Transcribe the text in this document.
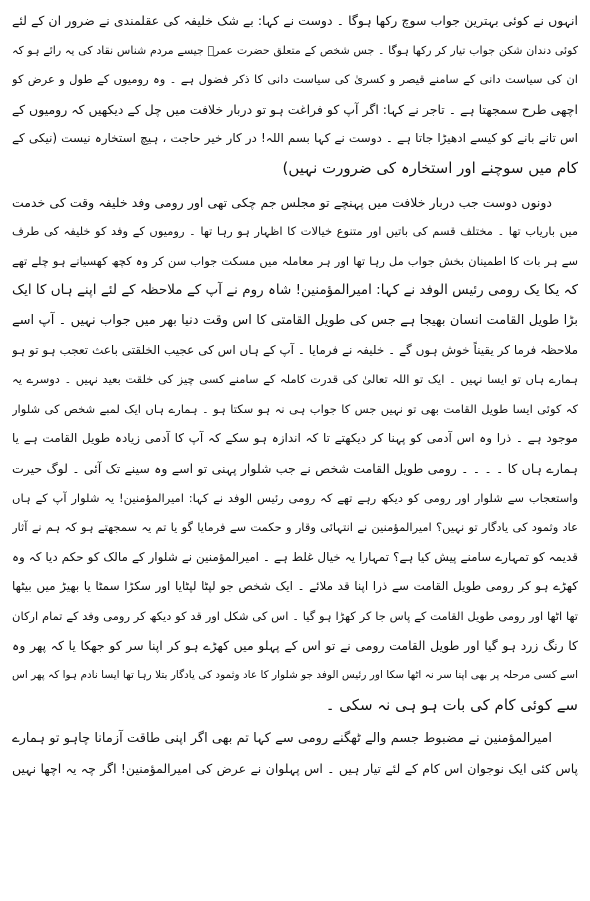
انہوں نے کوئی بہترین جواب سوچ رکھا ہوگا ۔ دوست نے کہا: بے شک خلیفہ کی عقلمندی نے ضرور ان کے لئے
کوئی دندان شکن جواب تیار کر رکھا ہوگا ۔ جس شخص کے متعلق حضرت عمرؓ جیسے مردم شناس نقاد کی یہ رائے ہو کہ
ان کی سیاست دانی کے سامنے قیصر و کسریٰ کی سیاست دانی کا ذکر فضول ہے ۔ وہ رومیوں کے طول و عرض کو
اچھی طرح سمجھتا ہے ۔ تاجر نے کہا: اگر آپ کو فراغت ہو تو دربار خلافت میں چل کے دیکھیں کہ رومیوں کے
اس تانے بانے کو کیسے ادھیڑا جاتا ہے ۔ دوست نے کہا بسم اللہ! در کار خیر حاجت ، ہیچ استخارہ نیست (نیکی کے
کام میں سوچنے اور استخارہ کی ضرورت نہیں)
دونوں دوست جب دربار خلافت میں پہنچے تو مجلس جم چکی تھی اور رومی وفد خلیفہ وقت کی خدمت
میں باریاب تھا ۔ مختلف قسم کی باتیں اور متنوع خیالات کا اظہار ہو رہا تھا ۔ رومیوں کے وفد کو خلیفہ کی طرف
سے ہر بات کا اطمینان بخش جواب مل رہا تھا اور ہر معاملہ میں مسکت جواب سن کر وہ کچھ کھسیانے ہو چلے تھے
کہ یکا یک رومی رئیس الوفد نے کہا: امیرالمؤمنین! شاہ روم نے آپ کے ملاحظہ کے لئے اپنے ہاں کا ایک
بڑا طویل القامت انسان بھیجا ہے جس کی طویل القامتی کا اس وقت دنیا بھر میں جواب نہیں ۔ آپ اسے
ملاحظہ فرما کر یقیناً خوش ہوں گے ۔ خلیفہ نے فرمایا ۔ آپ کے ہاں اس کی عجیب الخلقتی باعث تعجب ہو تو ہو
ہمارے ہاں تو ایسا نہیں ۔ ایک تو اللہ تعالیٰ کی قدرت کاملہ کے سامنے کسی چیز کی خلقت بعید نہیں ۔ دوسرے یہ
کہ کوئی ایسا طویل القامت بھی تو نہیں جس کا جواب ہی نہ ہو سکتا ہو ۔ ہمارے ہاں ایک لمبے شخص کی شلوار
موجود ہے ۔ ذرا وہ اس آدمی کو پہنا کر دیکھتے تا کہ اندازہ ہو سکے کہ آپ کا آدمی زیادہ طویل القامت ہے یا
ہمارے ہاں کا ۔ ۔ ۔ ۔ رومی طویل القامت شخص نے جب شلوار پہنی تو اسے وہ سینے تک آئی ۔ لوگ حیرت
واستعجاب سے شلوار اور رومی کو دیکھ رہے تھے کہ رومی رئیس الوفد نے کہا: امیرالمؤمنین! یہ شلوار آپ کے ہاں
عاد وثمود کی یادگار تو نہیں؟ امیرالمؤمنین نے انتہائی وقار و حکمت سے فرمایا گو یا تم یہ سمجھتے ہو کہ ہم نے آثار
قدیمہ کو تمہارے سامنے پیش کیا ہے؟ تمہارا یہ خیال غلط ہے ۔ امیرالمؤمنین نے شلوار کے مالک کو حکم دیا کہ وہ
کھڑے ہو کر رومی طویل القامت سے ذرا اپنا قد ملائے ۔ ایک شخص جو لپٹا لپٹایا اور سکڑا سمٹا یا بھیڑ میں بیٹھا
تھا اٹھا اور رومی طویل القامت کے پاس جا کر کھڑا ہو گیا ۔ اس کی شکل اور قد کو دیکھ کر رومی وفد کے تمام ارکان
کا رنگ زرد ہو گیا اور طویل القامت رومی نے تو اس کے پہلو میں کھڑے ہو کر اپنا سر کو جھکا یا کہ پھر وہ
اسے کسی مرحلہ پر بھی اپنا سر نہ اٹھا سکا اور رئیس الوفد جو شلوار کا عاد وثمود کی یادگار بتلا رہا تھا ایسا نادم ہوا کہ پھر اس
سے کوئی کام کی بات ہو ہی نہ سکی ۔
امیرالمؤمنین نے مضبوط جسم والے ٹھگنے رومی سے کہا تم بھی اگر اپنی طاقت آزمانا چاہو تو ہمارے
پاس کئی ایک نوجوان اس کام کے لئے تیار ہیں ۔ اس پہلوان نے عرض کی امیرالمؤمنین! اگر چہ یہ اچھا نہیں
